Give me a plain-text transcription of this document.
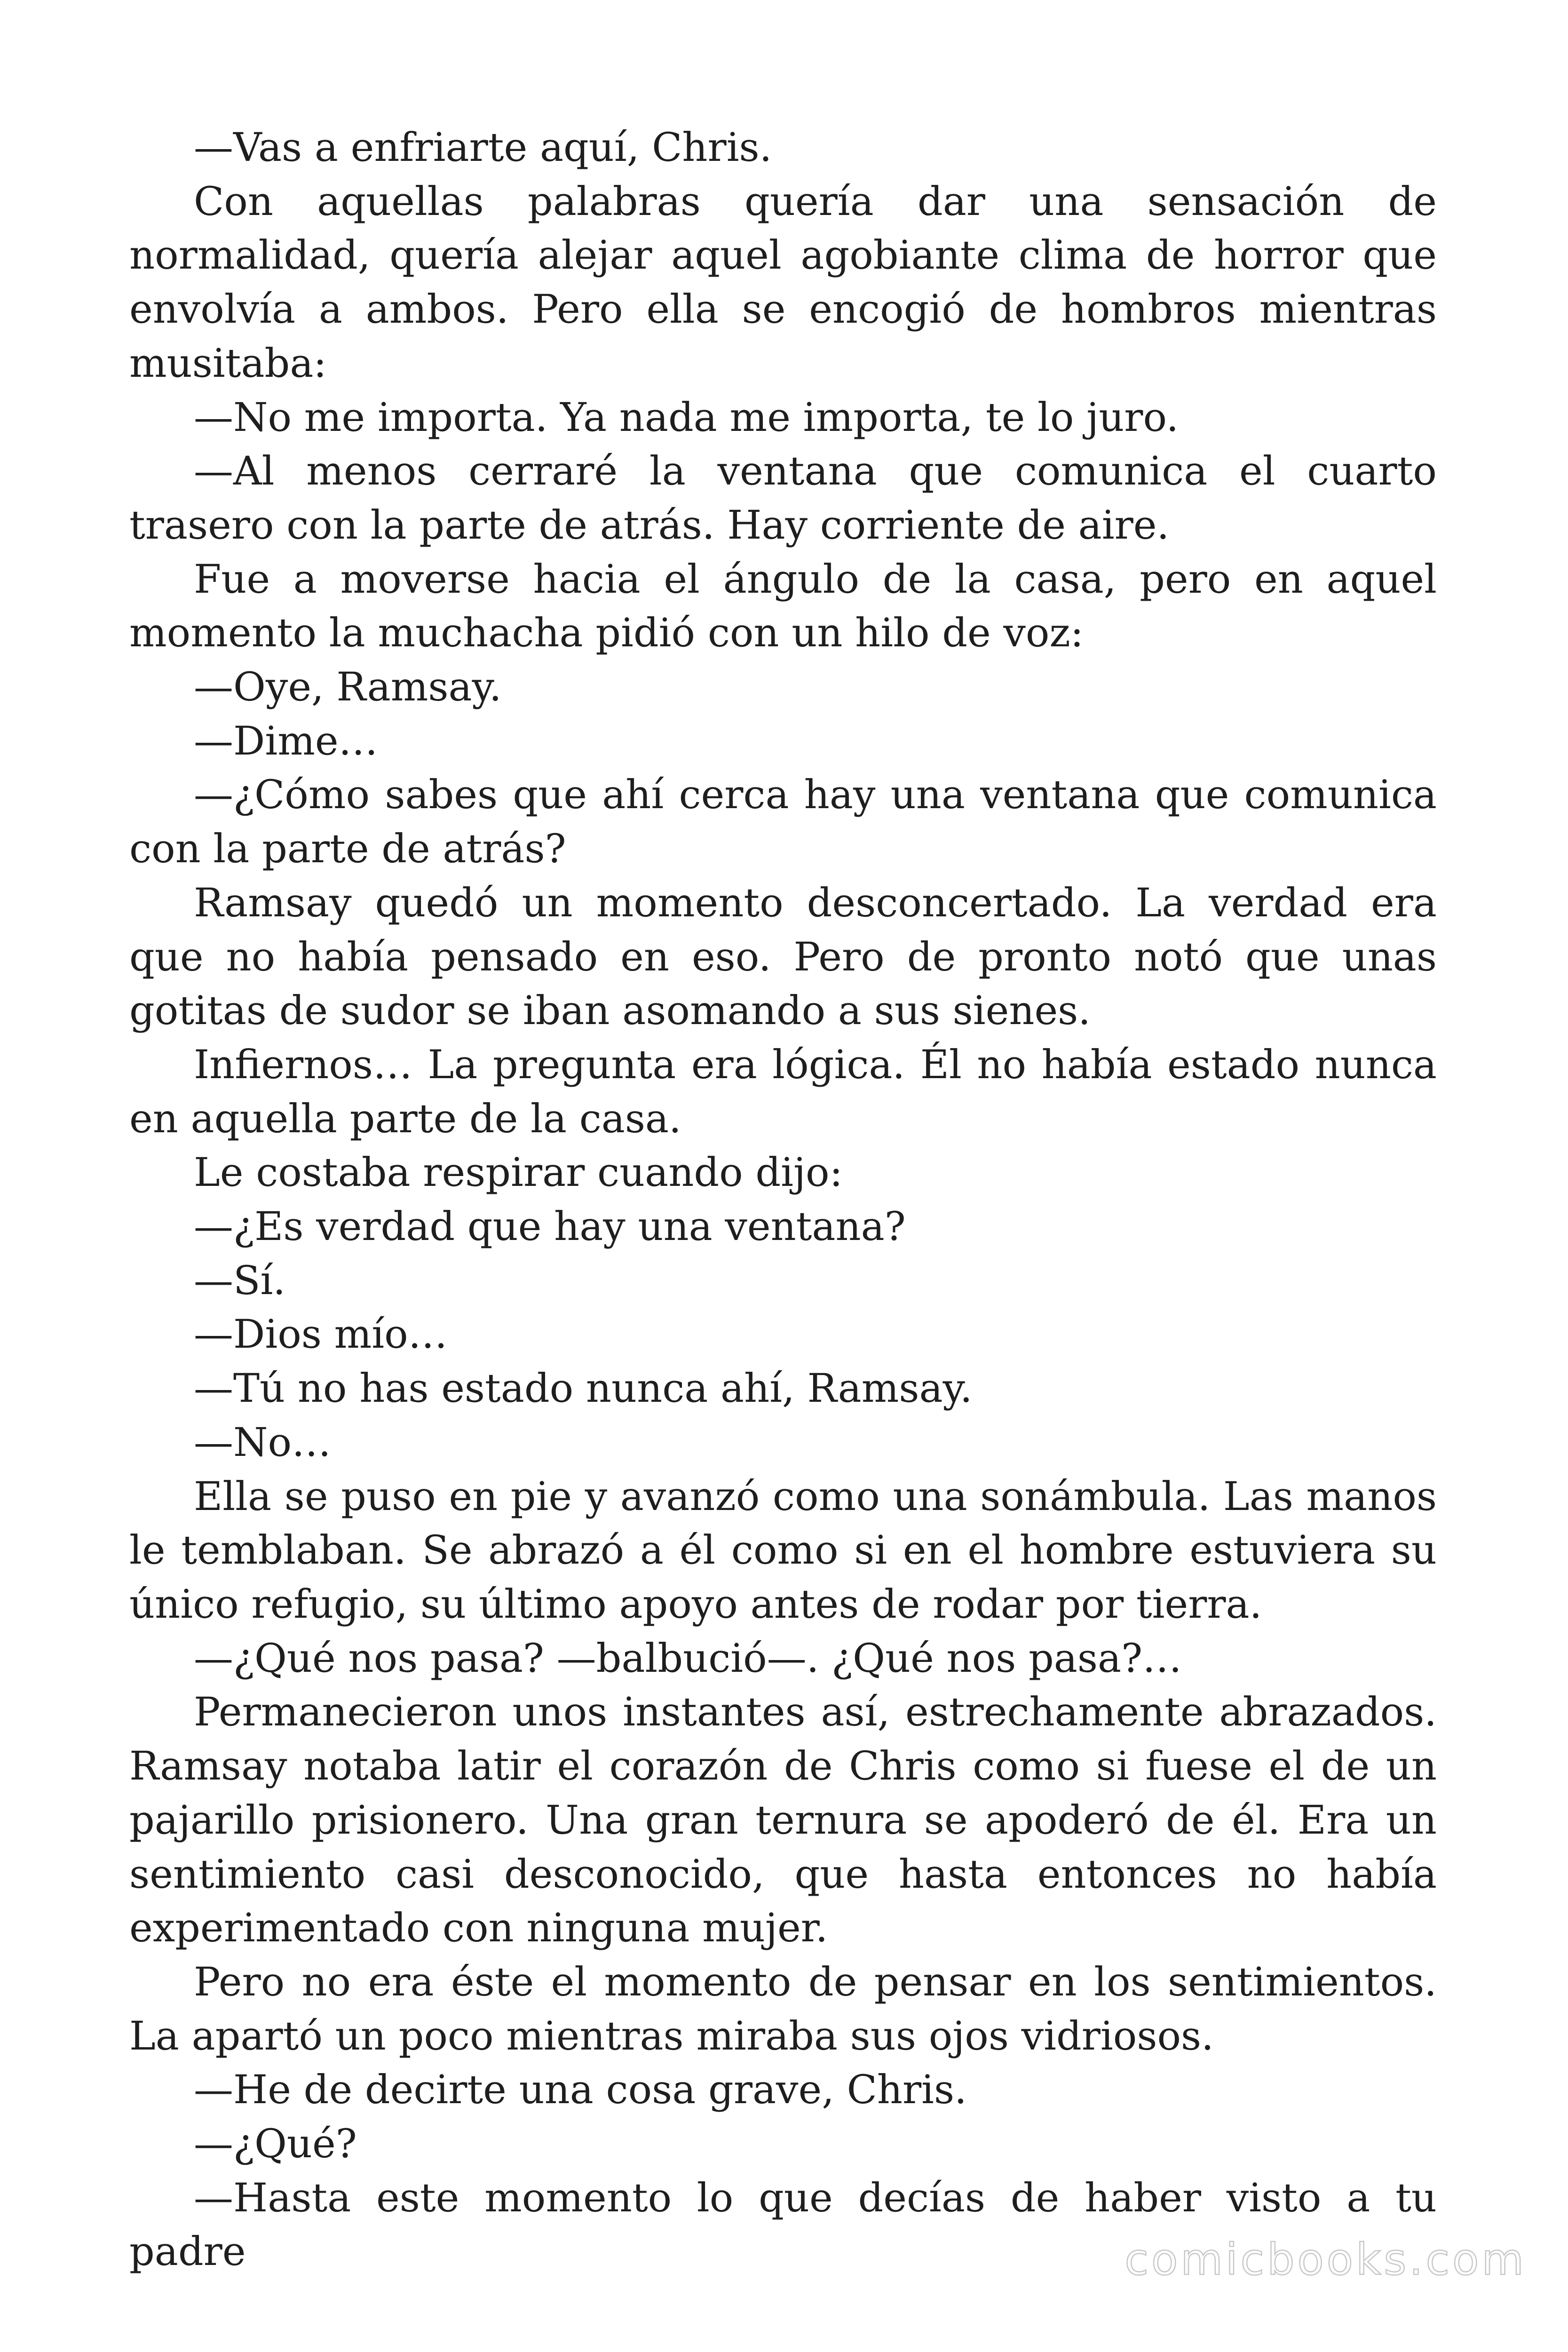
—Vas a enfriarte aquí, Chris.

Con aquellas palabras quería dar una sensación de normalidad, quería alejar aquel agobiante clima de horror que envolvía a ambos. Pero ella se encogió de hombros mientras musitaba:

—No me importa. Ya nada me importa, te lo juro.

—Al menos cerraré la ventana que comunica el cuarto trasero con la parte de atrás. Hay corriente de aire.

Fue a moverse hacia el ángulo de la casa, pero en aquel momento la muchacha pidió con un hilo de voz:

—Oye, Ramsay.

—Dime…

—¿Cómo sabes que ahí cerca hay una ventana que comunica con la parte de atrás?

Ramsay quedó un momento desconcertado. La verdad era que no había pensado en eso. Pero de pronto notó que unas gotitas de sudor se iban asomando a sus sienes.

Infiernos… La pregunta era lógica. Él no había estado nunca en aquella parte de la casa.

Le costaba respirar cuando dijo:

—¿Es verdad que hay una ventana?

—Sí.

—Dios mío…

—Tú no has estado nunca ahí, Ramsay.

—No…

Ella se puso en pie y avanzó como una sonámbula. Las manos le temblaban. Se abrazó a él como si en el hombre estuviera su único refugio, su último apoyo antes de rodar por tierra.

—¿Qué nos pasa? —balbució—. ¿Qué nos pasa?…

Permanecieron unos instantes así, estrechamente abrazados. Ramsay notaba latir el corazón de Chris como si fuese el de un pajarillo prisionero. Una gran ternura se apoderó de él. Era un sentimiento casi desconocido, que hasta entonces no había experimentado con ninguna mujer.

Pero no era éste el momento de pensar en los sentimientos. La apartó un poco mientras miraba sus ojos vidriosos.

—He de decirte una cosa grave, Chris.

—¿Qué?

—Hasta este momento lo que decías de haber visto a tu padre	comicbooks.com
